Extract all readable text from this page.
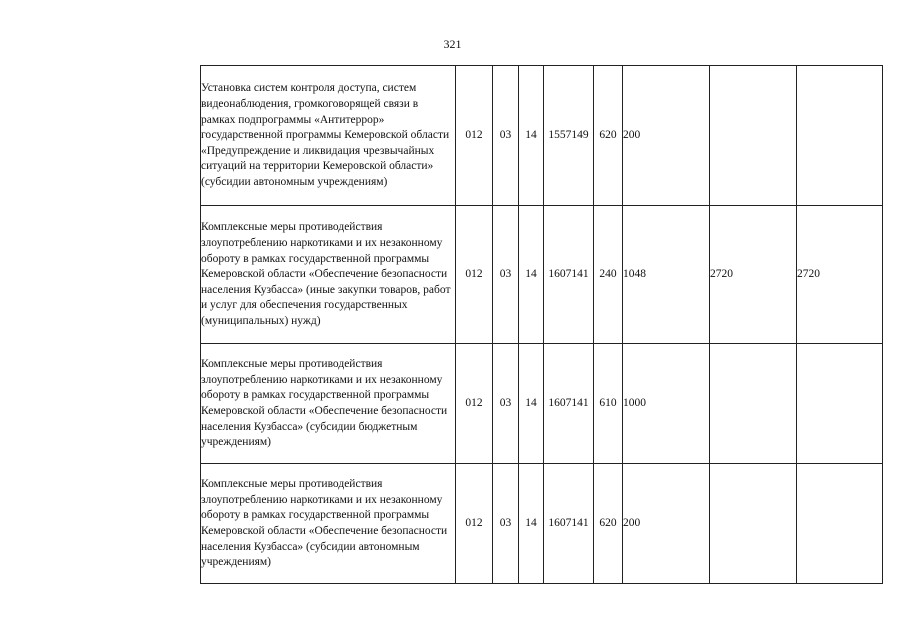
321
Установка систем контроля доступа, систем видеонаблюдения, громкоговорящей связи в рамках подпрограммы «Антитеррор» государственной программы Кемеровской области «Предупреждение и ликвидация чрезвычайных ситуаций на территории Кемеровской области» (субсидии автономным учреждениям)	012	03	14	1557149	620	200		

Комплексные меры противодействия злоупотреблению наркотиками и их незаконному обороту в рамках государственной программы Кемеровской области «Обеспечение безопасности населения Кузбасса» (иные закупки товаров, работ и услуг для обеспечения государственных (муниципальных) нужд)	012	03	14	1607141	240	1048	2720	2720

Комплексные меры противодействия злоупотреблению наркотиками и их незаконному обороту в рамках государственной программы Кемеровской области «Обеспечение безопасности населения Кузбасса» (субсидии бюджетным учреждениям)	012	03	14	1607141	610	1000		

Комплексные меры противодействия злоупотреблению наркотиками и их незаконному обороту в рамках государственной программы Кемеровской области «Обеспечение безопасности населения Кузбасса» (субсидии автономным учреждениям)	012	03	14	1607141	620	200		
